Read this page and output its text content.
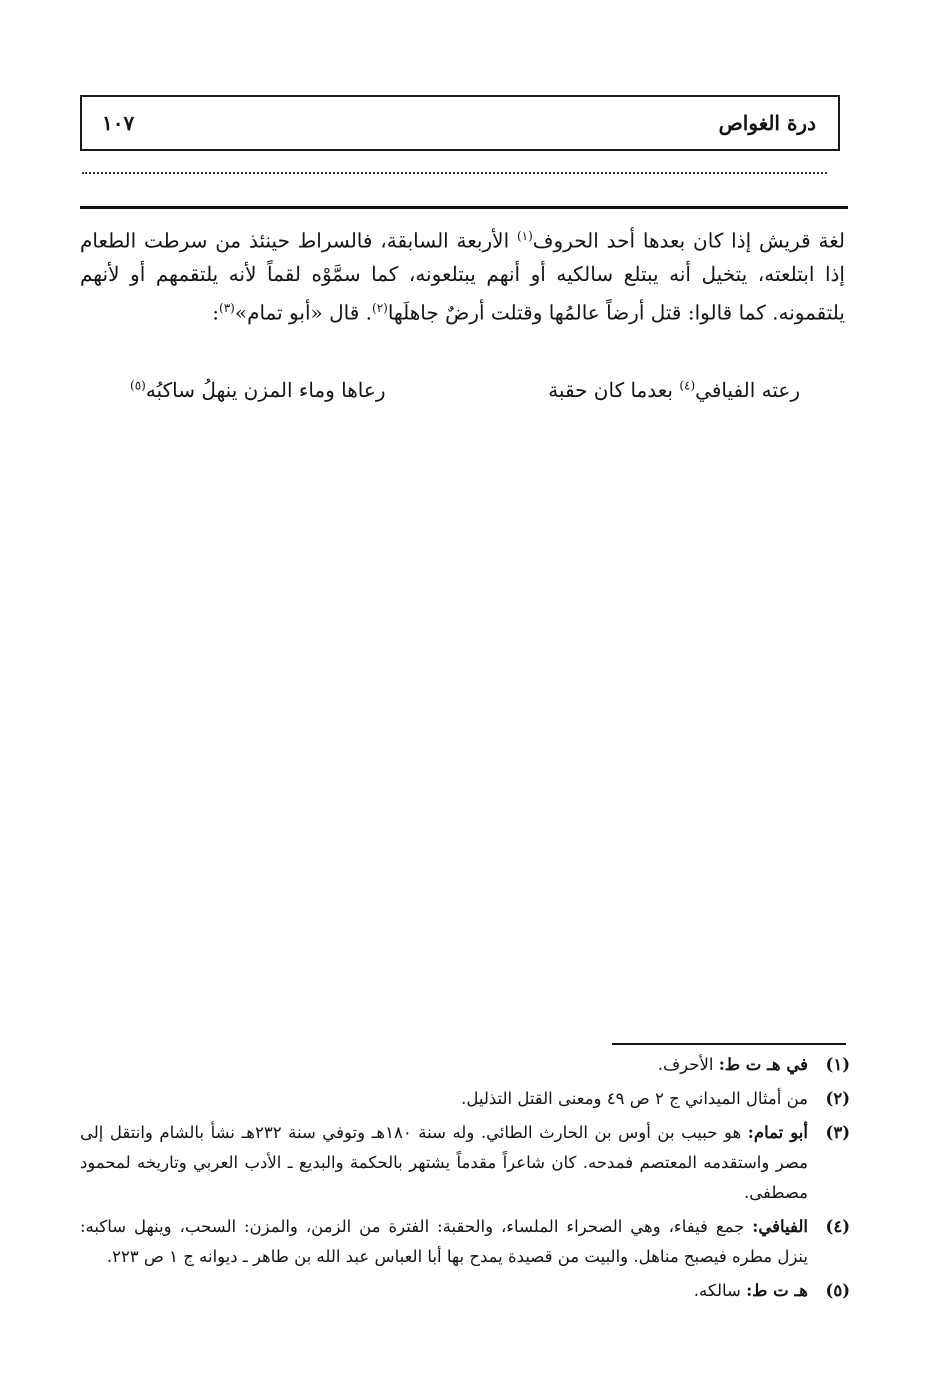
درة الغواص
١٠٧

لغة قريش إذا كان بعدها أحد الحروف$^{(١)}$ الأربعة السابقة، فالسراط حينئذ من سرطت الطعام إذا ابتلعته، يتخيل أنه يبتلع سالكيه أو أنهم يبتلعونه، كما سمَّوْه لقماً لأنه يلتقمهم أو لأنهم يلتقمونه. كما قالوا: قتل أرضاً عالمُها وقتلت أرضٌ جاهلَها$^{(٢)}$. قال «أبو تمام»$^{(٣)}$:

رعته الفيافي$^{(٤)}$ بعدما كان حقبة
رعاها وماء المزن ينهلُ ساكبُه$^{(٥)}$
(١)
في هـ ت ط: الأحرف.
(٢)
من أمثال الميداني ج ٢ ص ٤٩ ومعنى القتل التذليل.
(٣)
أبو تمام: هو حبيب بن أوس بن الحارث الطائي. وله سنة ١٨٠هـ وتوفي سنة ٢٣٢هـ نشأ بالشام وانتقل إلى مصر واستقدمه المعتصم فمدحه. كان شاعراً مقدماً يشتهر بالحكمة والبديع ـ الأدب العربي وتاريخه لمحمود مصطفى.
(٤)
الفيافي: جمع فيفاء، وهي الصحراء الملساء، والحقبة: الفترة من الزمن، والمزن: السحب، وينهل ساكبه: ينزل مطره فيصبح مناهل. والبيت من قصيدة يمدح بها أبا العباس عبد الله بن طاهر ـ ديوانه ج ١ ص ٢٢٣.
(٥)
هـ ت ط: سالكه.
